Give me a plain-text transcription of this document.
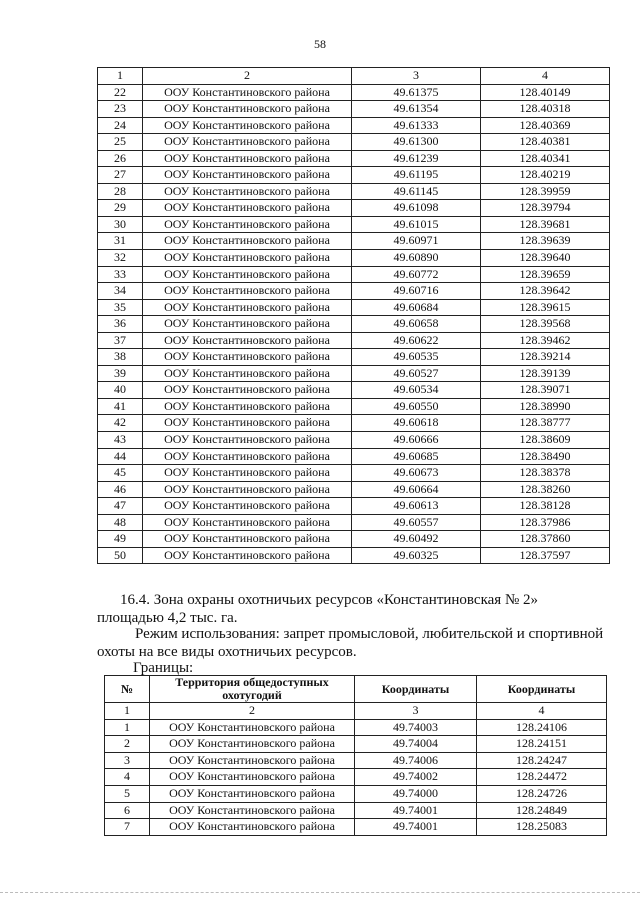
58
1	2	3	4
22	ООУ Константиновского района	49.61375	128.40149
23	ООУ Константиновского района	49.61354	128.40318
24	ООУ Константиновского района	49.61333	128.40369
25	ООУ Константиновского района	49.61300	128.40381
26	ООУ Константиновского района	49.61239	128.40341
27	ООУ Константиновского района	49.61195	128.40219
28	ООУ Константиновского района	49.61145	128.39959
29	ООУ Константиновского района	49.61098	128.39794
30	ООУ Константиновского района	49.61015	128.39681
31	ООУ Константиновского района	49.60971	128.39639
32	ООУ Константиновского района	49.60890	128.39640
33	ООУ Константиновского района	49.60772	128.39659
34	ООУ Константиновского района	49.60716	128.39642
35	ООУ Константиновского района	49.60684	128.39615
36	ООУ Константиновского района	49.60658	128.39568
37	ООУ Константиновского района	49.60622	128.39462
38	ООУ Константиновского района	49.60535	128.39214
39	ООУ Константиновского района	49.60527	128.39139
40	ООУ Константиновского района	49.60534	128.39071
41	ООУ Константиновского района	49.60550	128.38990
42	ООУ Константиновского района	49.60618	128.38777
43	ООУ Константиновского района	49.60666	128.38609
44	ООУ Константиновского района	49.60685	128.38490
45	ООУ Константиновского района	49.60673	128.38378
46	ООУ Константиновского района	49.60664	128.38260
47	ООУ Константиновского района	49.60613	128.38128
48	ООУ Константиновского района	49.60557	128.37986
49	ООУ Константиновского района	49.60492	128.37860
50	ООУ Константиновского района	49.60325	128.37597
16.4. Зона охраны охотничьих ресурсов «Константиновская № 2»
площадью 4,2 тыс. га.
Режим использования: запрет промысловой, любительской и спортивной
охоты на все виды охотничьих ресурсов.
Границы:
№	Территория общедоступных охотугодий	Координаты	Координаты
1	2	3	4
1	ООУ Константиновского района	49.74003	128.24106
2	ООУ Константиновского района	49.74004	128.24151
3	ООУ Константиновского района	49.74006	128.24247
4	ООУ Константиновского района	49.74002	128.24472
5	ООУ Константиновского района	49.74000	128.24726
6	ООУ Константиновского района	49.74001	128.24849
7	ООУ Константиновского района	49.74001	128.25083
